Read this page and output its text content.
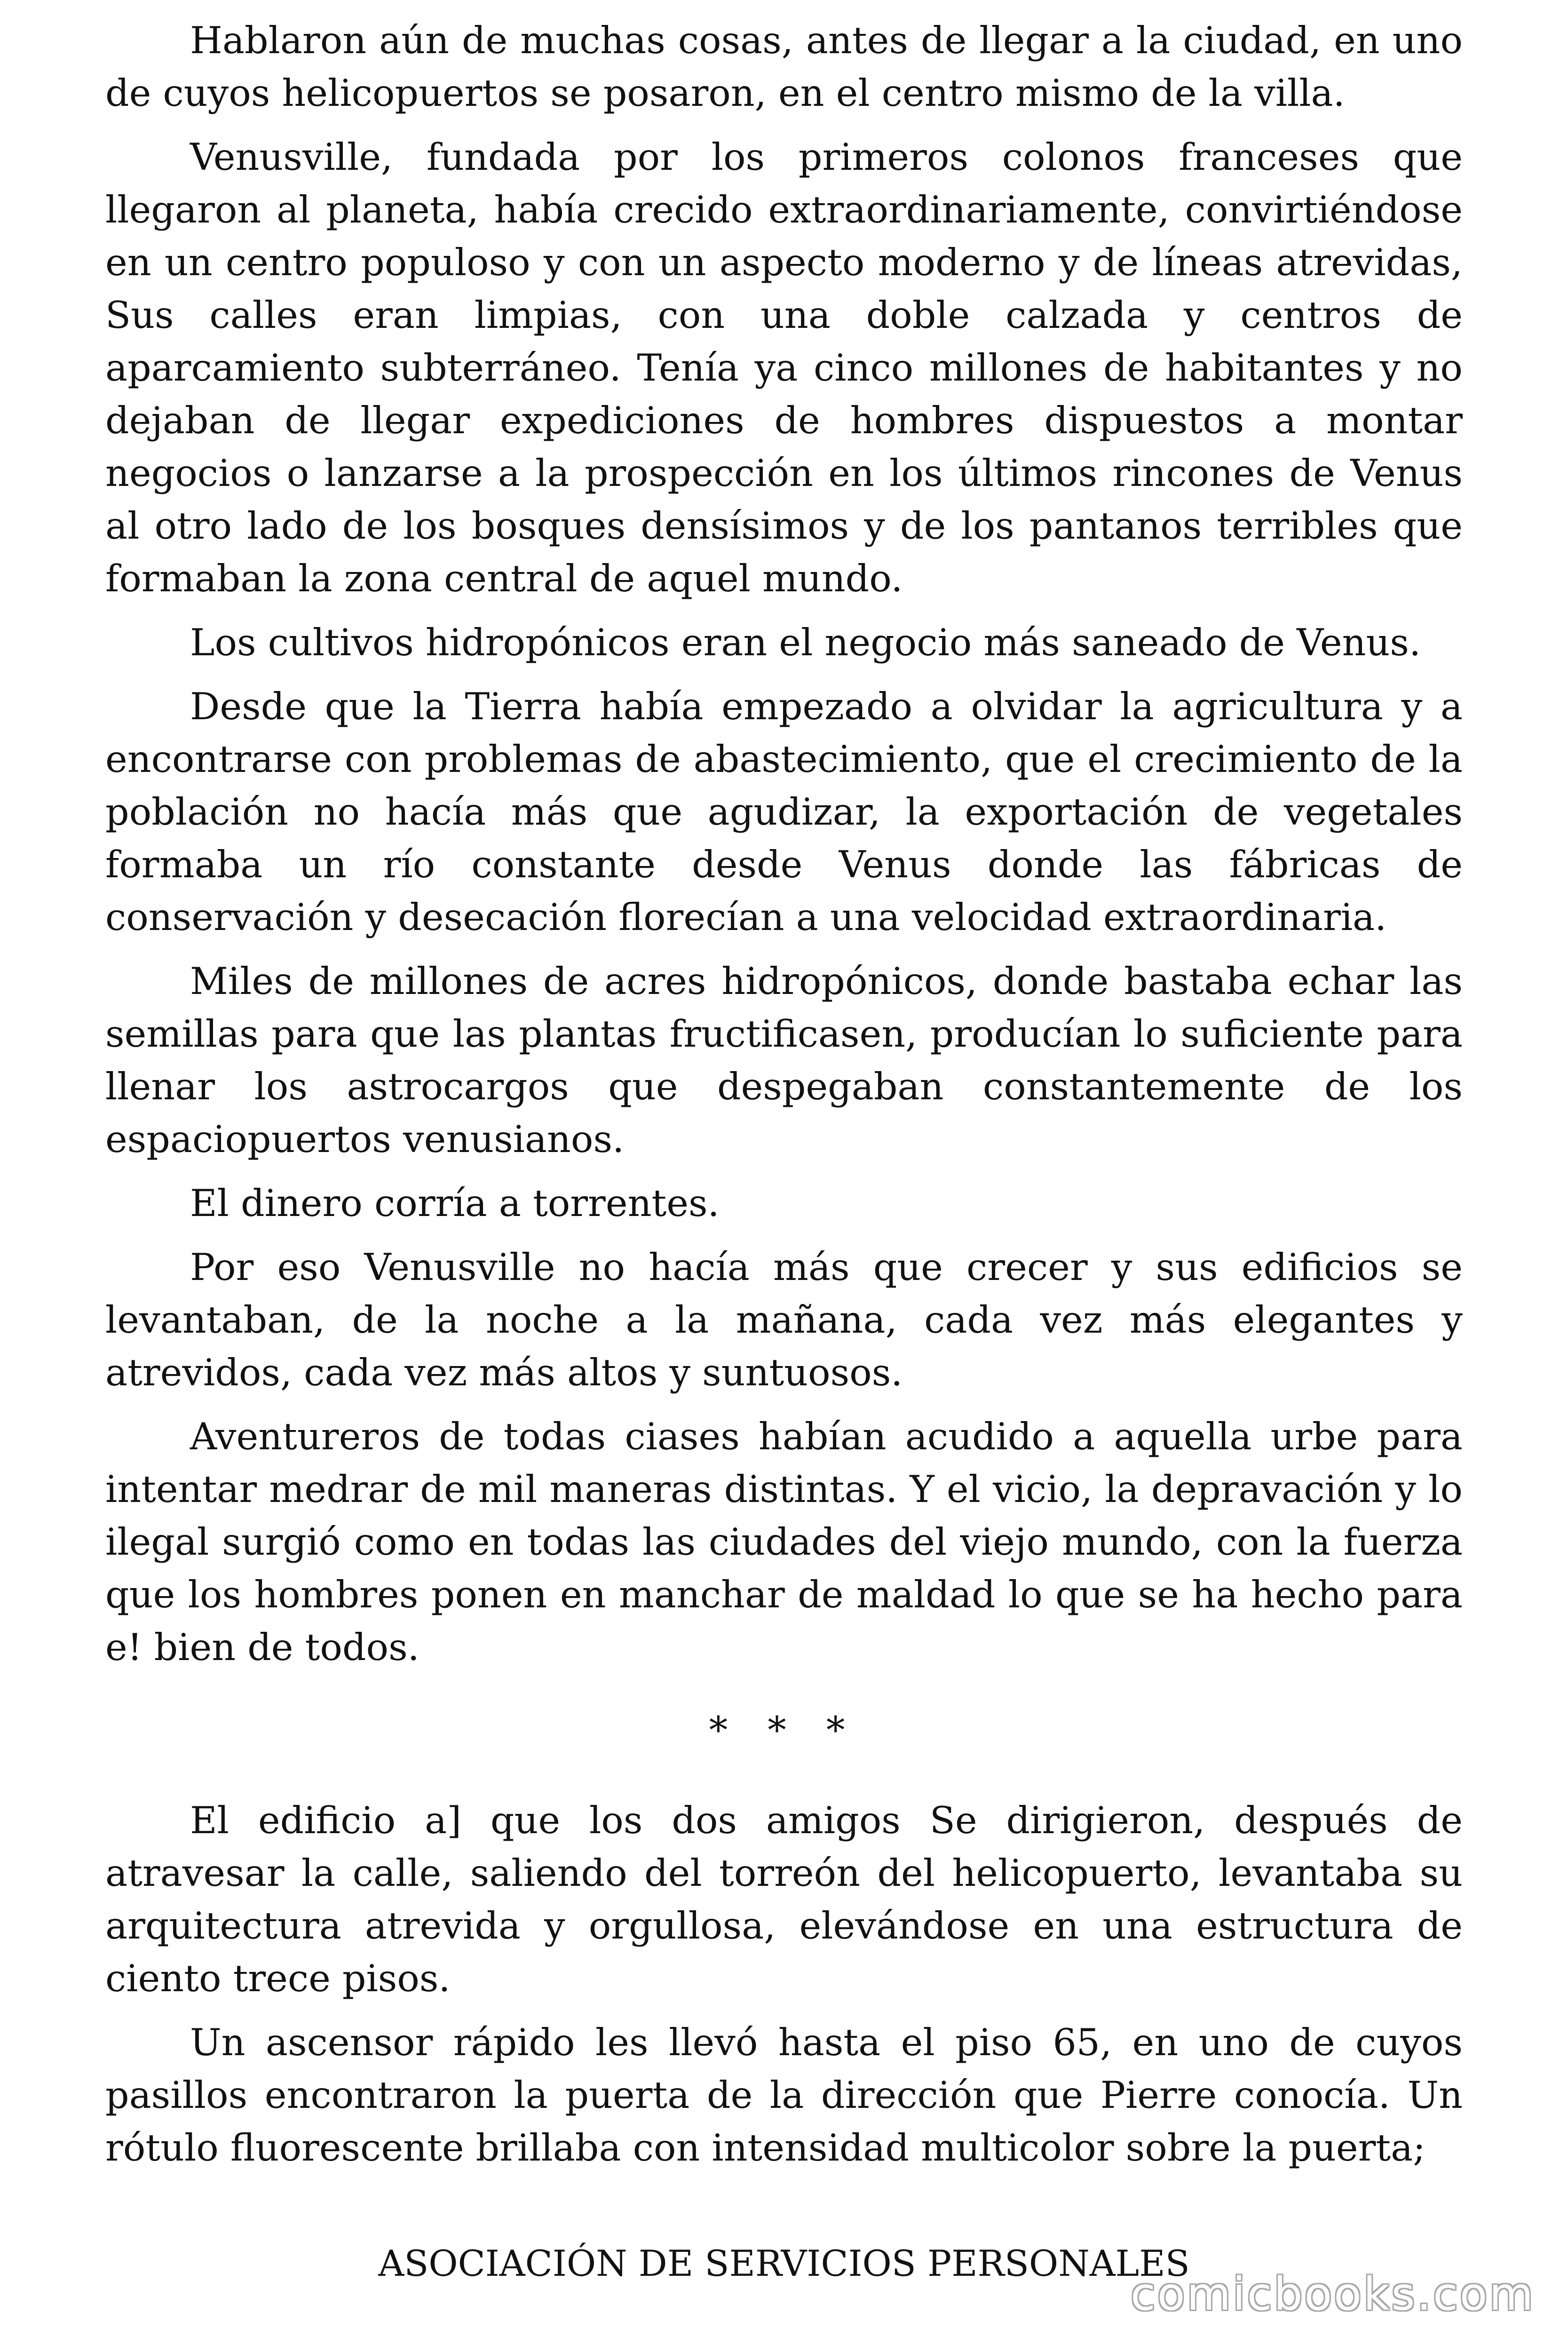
Hablaron aún de muchas cosas, antes de llegar a la ciudad, en uno de cuyos helicopuertos se posaron, en el centro mismo de la villa.

Venusville, fundada por los primeros colonos franceses que llegaron al planeta, había crecido extraordinariamente, convirtiéndose en un centro populoso y con un aspecto moderno y de líneas atrevidas, Sus calles eran limpias, con una doble calzada y centros de aparcamiento subterráneo. Tenía ya cinco millones de habitantes y no dejaban de llegar expediciones de hombres dispuestos a montar negocios o lanzarse a la prospección en los últimos rincones de Venus al otro lado de los bosques densísimos y de los pantanos terribles que formaban la zona central de aquel mundo.

Los cultivos hidropónicos eran el negocio más saneado de Venus.

Desde que la Tierra había empezado a olvidar la agricultura y a encontrarse con problemas de abastecimiento, que el crecimiento de la población no hacía más que agudizar, la exportación de vegetales formaba un río constante desde Venus donde las fábricas de conservación y desecación florecían a una velocidad extraordinaria.

Miles de millones de acres hidropónicos, donde bastaba echar las semillas para que las plantas fructificasen, producían lo suficiente para llenar los astrocargos que despegaban constantemente de los espaciopuertos venusianos.

El dinero corría a torrentes.

Por eso Venusville no hacía más que crecer y sus edificios se levantaban, de la noche a la mañana, cada vez más elegantes y atrevidos, cada vez más altos y suntuosos.

Aventureros de todas ciases habían acudido a aquella urbe para intentar medrar de mil maneras distintas. Y el vicio, la depravación y lo ilegal surgió como en todas las ciudades del viejo mundo, con la fuerza que los hombres ponen en manchar de maldad lo que se ha hecho para e! bien de todos.

* * *

El edificio a] que los dos amigos Se dirigieron, después de atravesar la calle, saliendo del torreón del helicopuerto, levantaba su arquitectura atrevida y orgullosa, elevándose en una estructura de ciento trece pisos.

Un ascensor rápido les llevó hasta el piso 65, en uno de cuyos pasillos encontraron la puerta de la dirección que Pierre conocía. Un rótulo fluorescente brillaba con intensidad multicolor sobre la puerta;

ASOCIACIÓN DE SERVICIOS PERSONALES
comicbooks.com
